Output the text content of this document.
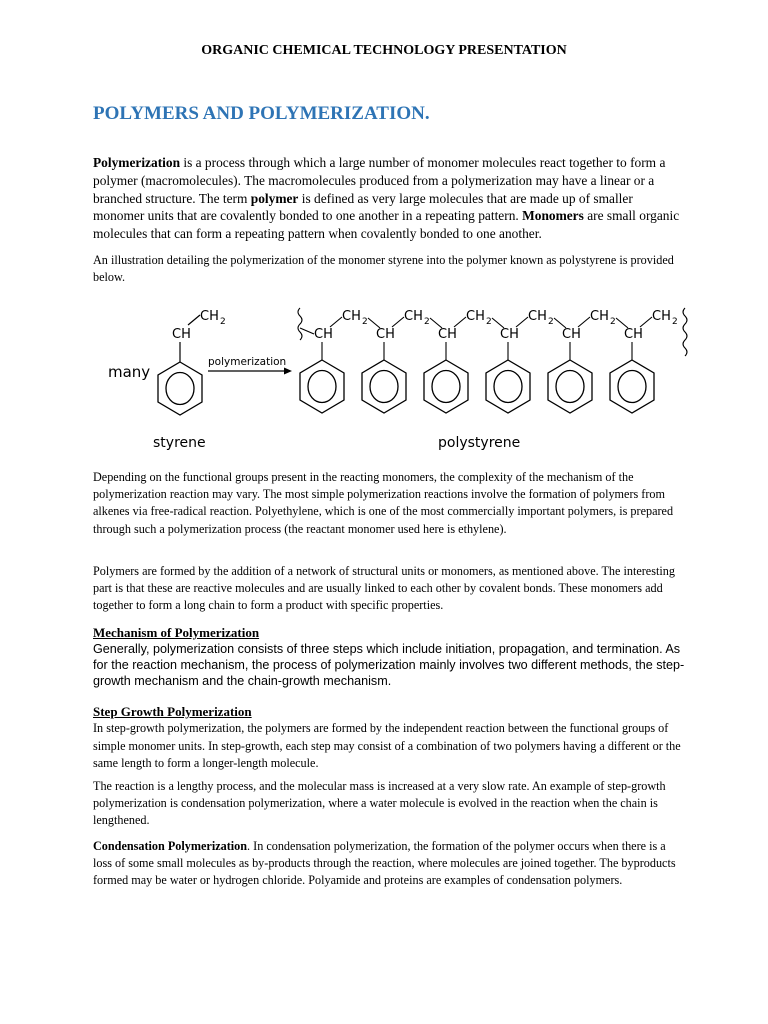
ORGANIC CHEMICAL TECHNOLOGY PRESENTATION
POLYMERS AND POLYMERIZATION.

Polymerization is a process through which a large number of monomer molecules react together to form a polymer (macromolecules). The macromolecules produced from a polymerization may have a linear or a branched structure. The term polymer is defined as very large molecules that are made up of smaller monomer units that are covalently bonded to one another in a repeating pattern. Monomers are small organic molecules that can form a repeating pattern when covalently bonded to one another.

An illustration detailing the polymerization of the monomer styrene into the polymer known as polystyrene is provided below.

CH
CH 2
many
polymerization
styrene
CH
CH 2
CH
CH 2
CH
CH 2
CH
CH 2
CH
CH 2
CH
CH 2
polystyrene

Depending on the functional groups present in the reacting monomers, the complexity of the mechanism of the polymerization reaction may vary. The most simple polymerization reactions involve the formation of polymers from alkenes via free-radical reaction. Polyethylene, which is one of the most commercially important polymers, is prepared through such a polymerization process (the reactant monomer used here is ethylene).

Polymers are formed by the addition of a network of structural units or monomers, as mentioned above. The interesting part is that these are reactive molecules and are usually linked to each other by covalent bonds. These monomers add together to form a long chain to form a product with specific properties.

Mechanism of Polymerization
Generally, polymerization consists of three steps which include initiation, propagation, and termination. As for the reaction mechanism, the process of polymerization mainly involves two different methods, the step-growth mechanism and the chain-growth mechanism.
Step Growth Polymerization
In step-growth polymerization, the polymers are formed by the independent reaction between the functional groups of simple monomer units. In step-growth, each step may consist of a combination of two polymers having a different or the same length to form a longer-length molecule.

The reaction is a lengthy process, and the molecular mass is increased at a very slow rate. An example of step-growth polymerization is condensation polymerization, where a water molecule is evolved in the reaction when the chain is lengthened.

Condensation Polymerization. In condensation polymerization, the formation of the polymer occurs when there is a loss of some small molecules as by-products through the reaction, where molecules are joined together. The byproducts formed may be water or hydrogen chloride. Polyamide and proteins are examples of condensation polymers.
